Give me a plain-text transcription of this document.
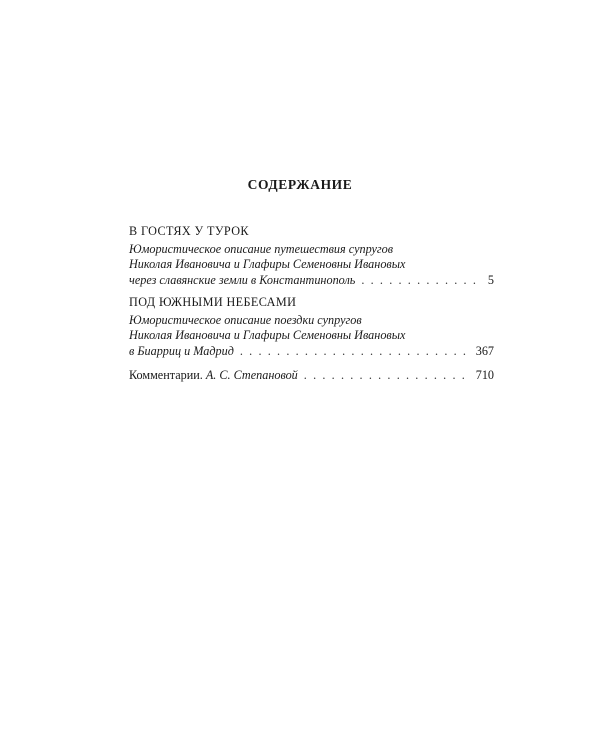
СОДЕРЖАНИЕ
В ГОСТЯХ У ТУРОК
Юмористическое описание путешествия супругов
Николая Ивановича и Глафиры Семеновны Ивановых
через славянские земли в Константинополь . . .	5
ПОД ЮЖНЫМИ НЕБЕСАМИ
Юмористическое описание поездки супругов
Николая Ивановича и Глафиры Семеновны Ивановых
в Биарриц и Мадрид . . .	367
Комментарии. А. С. Степановой . . .	710
